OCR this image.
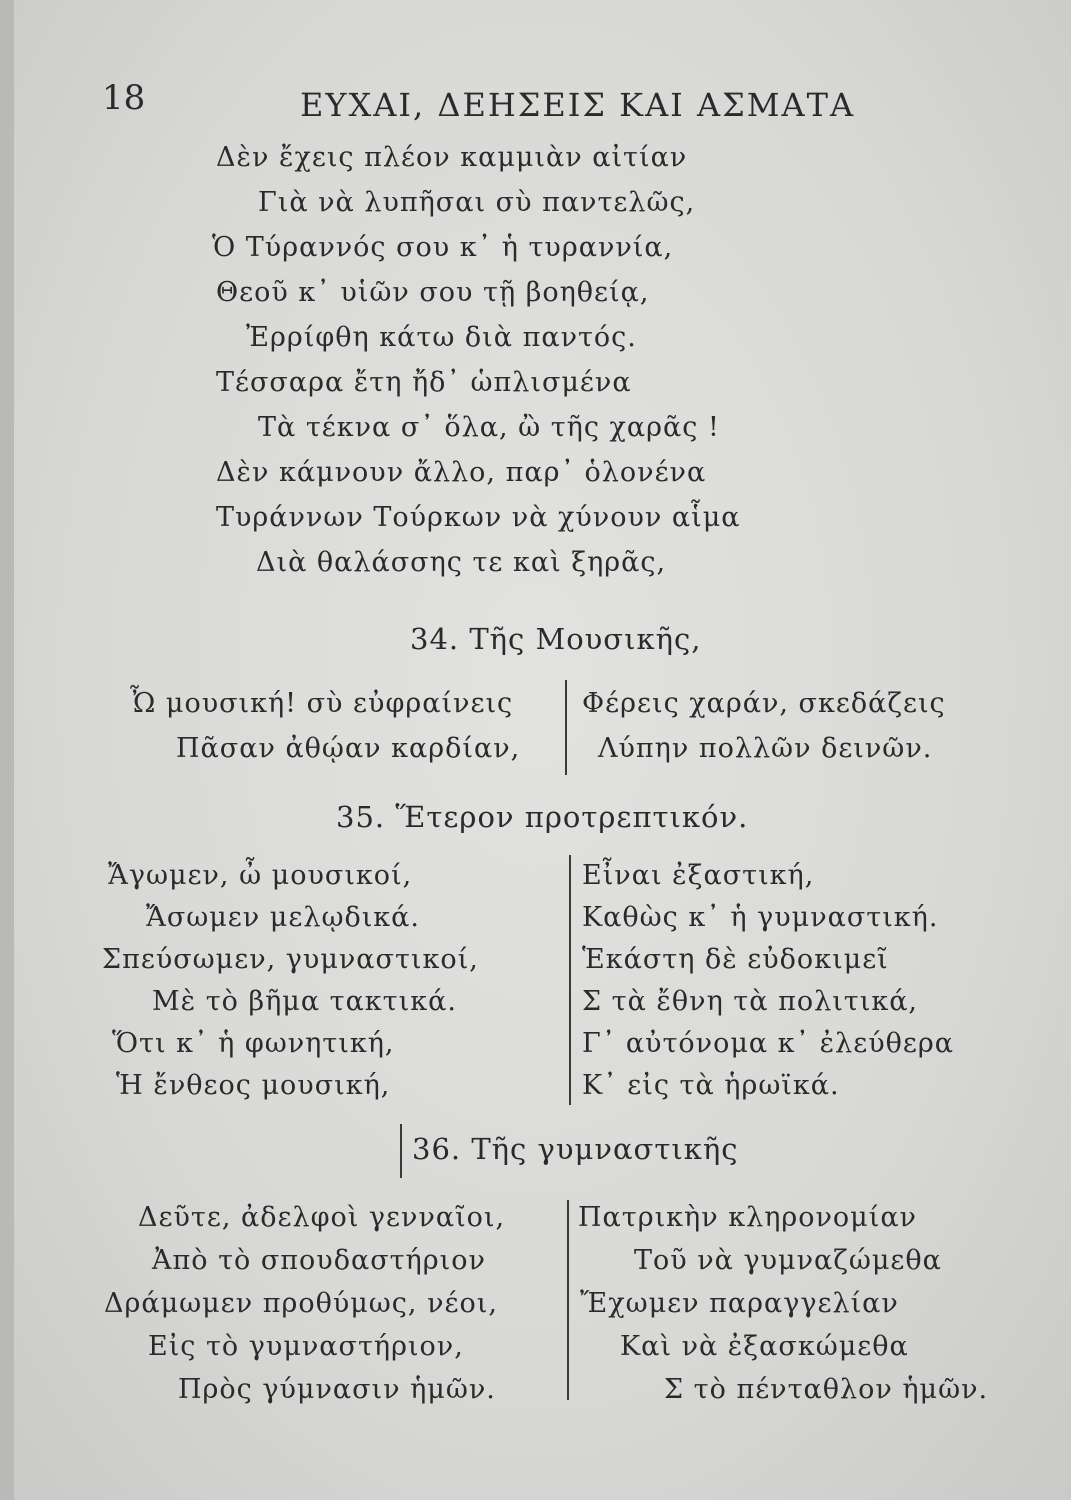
18	ΕΥΧΑΙ, ΔΕΗΣΕΙΣ ΚΑΙ ΑΣΜΑΤΑ
Δὲν ἔχεις πλέον καμμιὰν αἰτίαν
Γιὰ νὰ λυπῆσαι σὺ παντελῶς,
Ὁ Τύραννός σου κ᾽ ἡ τυραννία,
Θεοῦ κ᾽ υἱῶν σου τῇ βοηθείᾳ,
Ἐρρίφθη κάτω διὰ παντός.
Τέσσαρα ἔτη ἤδ᾽ ὡπλισμένα
Τὰ τέκνα σ᾽ ὅλα, ὢ τῆς χαρᾶς !
Δὲν κάμνουν ἄλλο, παρ᾽ ὁλονένα
Τυράννων Τούρκων νὰ χύνουν αἷμα
Διὰ θαλάσσης τε καὶ ξηρᾶς,
34. Τῆς Μουσικῆς,
Ὦ μουσική! σὺ εὐφραίνεις
Πᾶσαν ἀθῴαν καρδίαν,
Φέρεις χαράν, σκεδάζεις
Λύπην πολλῶν δεινῶν.
35. Ἕτερον προτρεπτικόν.
Ἄγωμεν, ὦ μουσικοί,
Ἄσωμεν μελῳδικά.
Σπεύσωμεν, γυμναστικοί,
Μὲ τὸ βῆμα τακτικά.
Ὅτι κ᾽ ἡ φωνητική,
Ἡ ἔνθεος μουσική,
Εἶναι ἐξαστική,
Καθὼς κ᾽ ἡ γυμναστική.
Ἑκάστη δὲ εὐδοκιμεῖ
Σ τὰ ἔθνη τὰ πολιτικά,
Γ᾽ αὐτόνομα κ᾽ ἐλεύθερα
Κ᾽ εἰς τὰ ἡρωϊκά.
36. Τῆς γυμναστικῆς
Δεῦτε, ἀδελφοὶ γενναῖοι,
Ἀπὸ τὸ σπουδαστήριον
Δράμωμεν προθύμως, νέοι,
Εἰς τὸ γυμναστήριον,
Πρὸς γύμνασιν ἡμῶν.
Πατρικὴν κληρονομίαν
Τοῦ νὰ γυμναζώμεθα
Ἔχωμεν παραγγελίαν
Καὶ νὰ ἐξασκώμεθα
Σ τὸ πένταθλον ἡμῶν.
